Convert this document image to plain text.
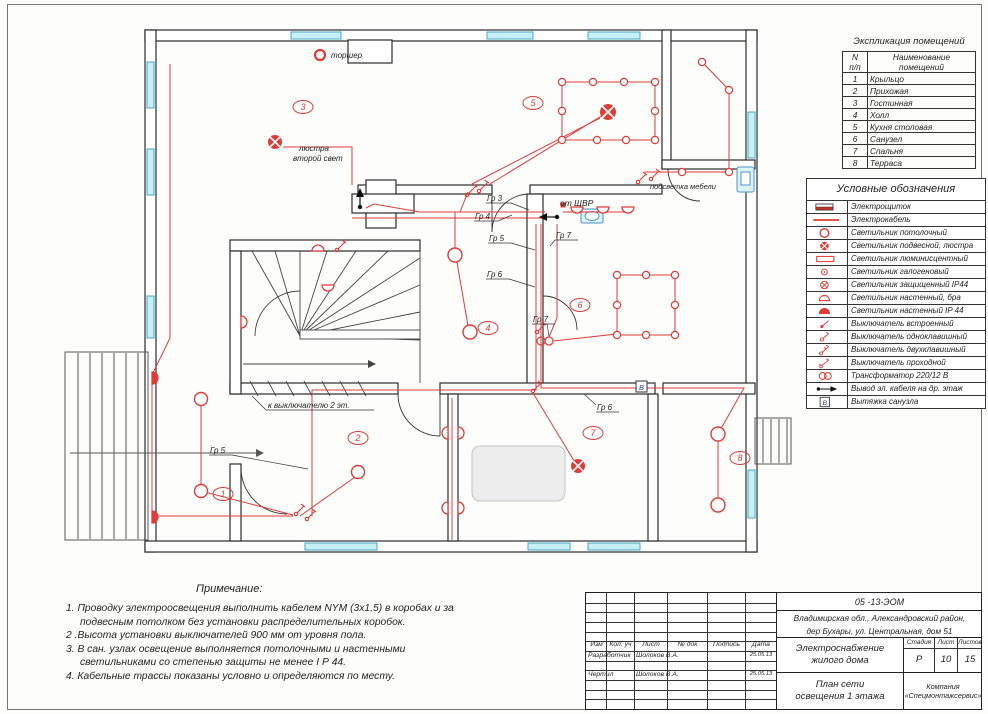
В
1
2
3
4
5
6
7
8
торшер
люстра
второй свет
Гр 3
Гр 4
Гр 5
Гр 6
Гр 7
от ЩВР
Гр 7
Гр 6
Гр 5
подсветка мебели
к выключателю 2 эт.
Экспликация помещений
N
п/п

Наименование
помещений

1	Крыльцо
2	Прихожая
3	Гостинная
4	Холл
5	Кухня столовая
6	Санузел
7	Спальня
8	Терраса
Условные обозначения
Электрощиток
Электрокабель
Светильник потолочный
Светильник подвесной, люстра
Светильник люминисцентный
Светильник галогеновый
Светильник защищенный IP44
Светильник настенный, бра
Светильник настенный IP 44
Выключатель встроенный
Выключатель одноклавишный
Выключатель двухклавишный
Выключатель проходной
Трансформатор 220/12 В
Вывод эл. кабеля на др. этаж
Вытяжка санузла
Примечание:
1. Проводку электроосвещения выполнить кабелем NYM (3х1,5) в коробах и за подвесным потолком без установки распределительных коробок.
2 .Высота установки выключателей 900 мм от уровня пола.
3. В сан. узлах освещение выполняется потолочными и настенными светильниками со степенью защиты не менее I Р 44.
4. Кабельные трассы показаны условно и определяются по месту.
Изм Кол. уч	Лист	№ док	Подпись	Дата
Разработчик Шолоков В.А.	25.05.13
Чертил	Шолоков В.А.	25.05.13
05 -13-ЭОМ
Владимирская обл., Александровский район,
дер Бухары, ул. Центральная, дом 51
Электроснабжение
жилого дома
Стадия Лист Листов
Р	10	15
План сети
освещения 1 этажа
Компания
«Спецмонтажсервис»
